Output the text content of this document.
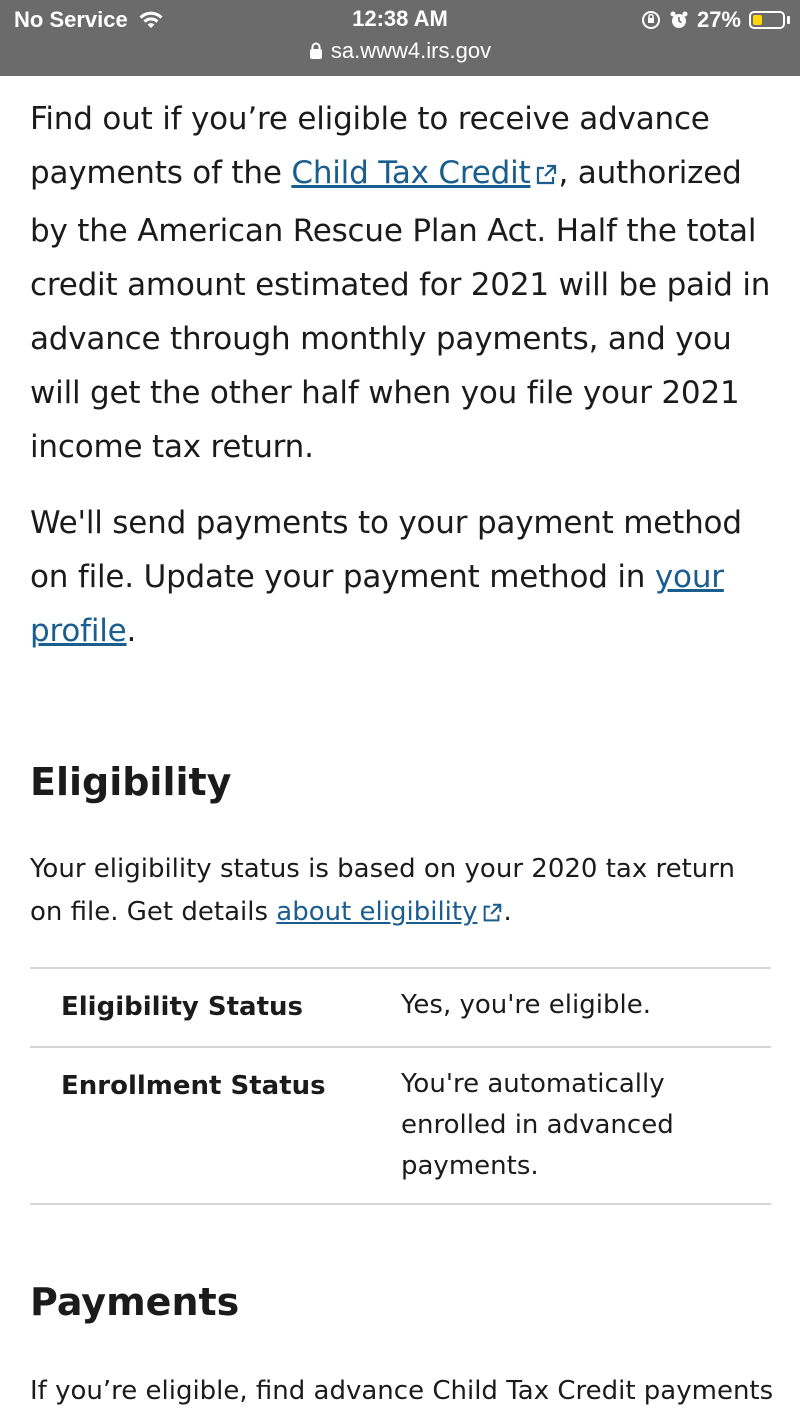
No Service	12:38 AM	27%
sa.www4.irs.gov

Find out if you’re eligible to receive advance payments of the Child Tax Credit , authorized by the American Rescue Plan Act. Half the total credit amount estimated for 2021 will be paid in advance through monthly payments, and you will get the other half when you file your 2021 income tax return.

We'll send payments to your payment method on file. Update your payment method in your profile.

Eligibility

Your eligibility status is based on your 2020 tax return on file. Get details about eligibility .

Eligibility Status	Yes, you're eligible.
Enrollment Status	You're automatically enrolled in advanced payments.
Payments

If you’re eligible, find advance Child Tax Credit payments
